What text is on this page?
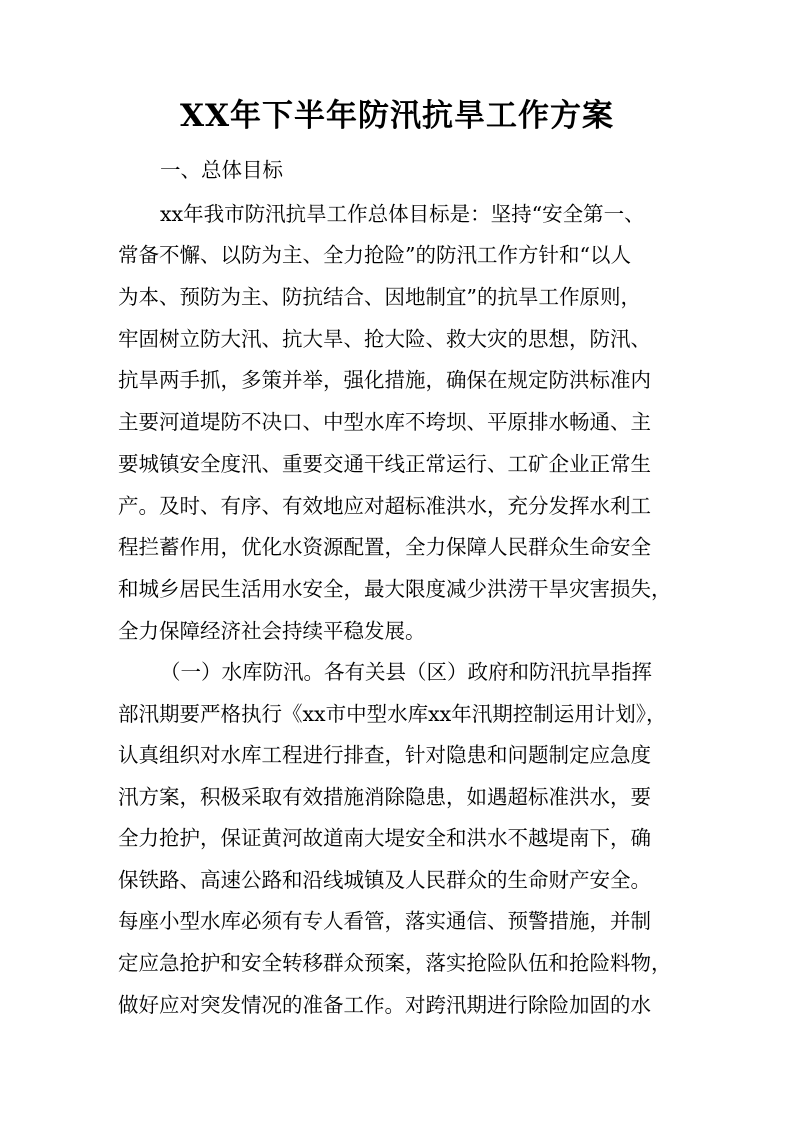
XX年下半年防汛抗旱工作方案
一、总体目标
xx年我市防汛抗旱工作总体目标是：坚持“安全第一、
常备不懈、以防为主、全力抢险”的防汛工作方针和“以人
为本、预防为主、防抗结合、因地制宜”的抗旱工作原则，
牢固树立防大汛、抗大旱、抢大险、救大灾的思想，防汛、
抗旱两手抓，多策并举，强化措施，确保在规定防洪标准内
主要河道堤防不决口、中型水库不垮坝、平原排水畅通、主
要城镇安全度汛、重要交通干线正常运行、工矿企业正常生
产。及时、有序、有效地应对超标准洪水，充分发挥水利工
程拦蓄作用，优化水资源配置，全力保障人民群众生命安全
和城乡居民生活用水安全，最大限度减少洪涝干旱灾害损失，
全力保障经济社会持续平稳发展。
（一）水库防汛。各有关县（区）政府和防汛抗旱指挥
部汛期要严格执行《xx市中型水库xx年汛期控制运用计划》，
认真组织对水库工程进行排查，针对隐患和问题制定应急度
汛方案，积极采取有效措施消除隐患，如遇超标准洪水，要
全力抢护，保证黄河故道南大堤安全和洪水不越堤南下，确
保铁路、高速公路和沿线城镇及人民群众的生命财产安全。
每座小型水库必须有专人看管，落实通信、预警措施，并制
定应急抢护和安全转移群众预案，落实抢险队伍和抢险料物，
做好应对突发情况的准备工作。对跨汛期进行除险加固的水
